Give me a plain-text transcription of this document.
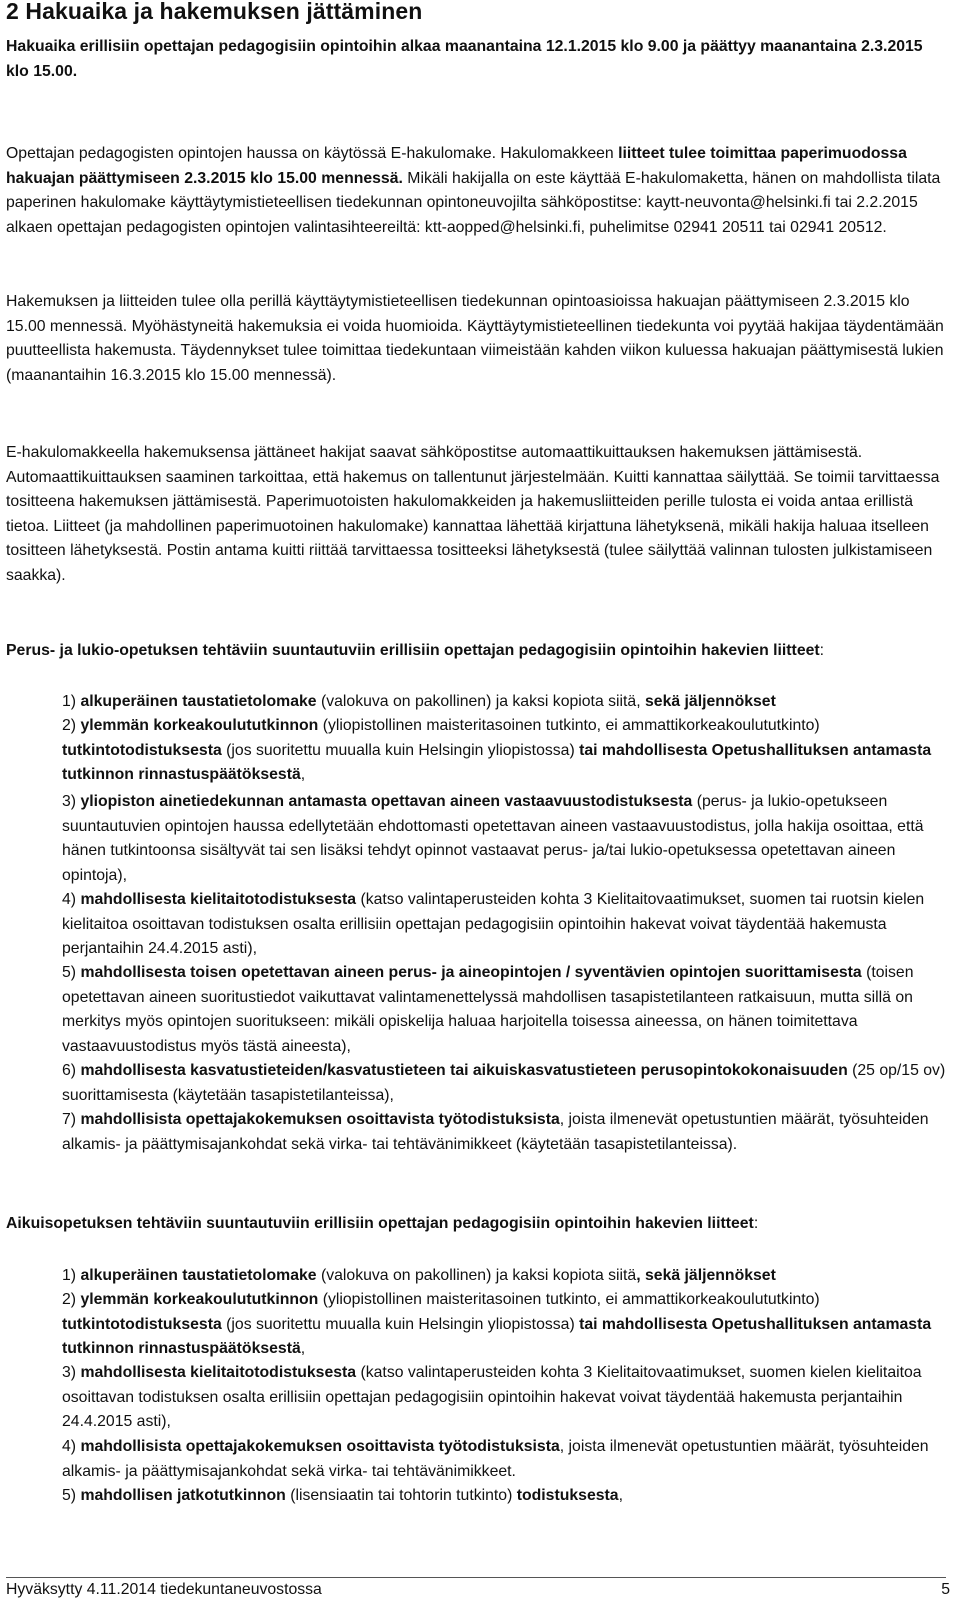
2 Hakuaika ja hakemuksen jättäminen

Hakuaika erillisiin opettajan pedagogisiin opintoihin alkaa maanantaina 12.1.2015 klo 9.00 ja päättyy maanantaina 2.3.2015 klo 15.00.

Opettajan pedagogisten opintojen haussa on käytössä E-hakulomake. Hakulomakkeen liitteet tulee toimittaa paperimuodossa hakuajan päättymiseen 2.3.2015 klo 15.00 mennessä. Mikäli hakijalla on este käyttää E-hakulomaketta, hänen on mahdollista tilata paperinen hakulomake käyttäytymistieteellisen tiedekunnan opintoneuvojilta sähköpostitse: kaytt-neuvonta@helsinki.fi tai 2.2.2015 alkaen opettajan pedagogisten opintojen valintasihteereiltä: ktt-aopped@helsinki.fi, puhelimitse 02941 20511 tai 02941 20512.

Hakemuksen ja liitteiden tulee olla perillä käyttäytymistieteellisen tiedekunnan opintoasioissa hakuajan päättymiseen 2.3.2015 klo 15.00 mennessä. Myöhästyneitä hakemuksia ei voida huomioida. Käyttäytymistieteellinen tiedekunta voi pyytää hakijaa täydentämään puutteellista hakemusta. Täydennykset tulee toimittaa tiedekuntaan viimeistään kahden viikon kuluessa hakuajan päättymisestä lukien (maanantaihin 16.3.2015 klo 15.00 mennessä).

E-hakulomakkeella hakemuksensa jättäneet hakijat saavat sähköpostitse automaattikuittauksen hakemuksen jättämisestä. Automaattikuittauksen saaminen tarkoittaa, että hakemus on tallentunut järjestelmään. Kuitti kannattaa säilyttää. Se toimii tarvittaessa tositteena hakemuksen jättämisestä. Paperimuotoisten hakulomakkeiden ja hakemusliitteiden perille tulosta ei voida antaa erillistä tietoa. Liitteet (ja mahdollinen paperimuotoinen hakulomake) kannattaa lähettää kirjattuna lähetyksenä, mikäli hakija haluaa itselleen tositteen lähetyksestä. Postin antama kuitti riittää tarvittaessa tositteeksi lähetyksestä (tulee säilyttää valinnan tulosten julkistamiseen saakka).

Perus- ja lukio-opetuksen tehtäviin suuntautuviin erillisiin opettajan pedagogisiin opintoihin hakevien liitteet:

1) alkuperäinen taustatietolomake (valokuva on pakollinen) ja kaksi kopiota siitä, sekä jäljennökset

2) ylemmän korkeakoulututkinnon (yliopistollinen maisteritasoinen tutkinto, ei ammattikorkeakoulututkinto) tutkintotodistuksesta (jos suoritettu muualla kuin Helsingin yliopistossa) tai mahdollisesta Opetushallituksen antamasta tutkinnon rinnastuspäätöksestä,

3) yliopiston ainetiedekunnan antamasta opettavan aineen vastaavuustodistuksesta (perus- ja lukio-opetukseen suuntautuvien opintojen haussa edellytetään ehdottomasti opetettavan aineen vastaavuustodistus, jolla hakija osoittaa, että hänen tutkintoonsa sisältyvät tai sen lisäksi tehdyt opinnot vastaavat perus- ja/tai lukio-opetuksessa opetettavan aineen opintoja),

4) mahdollisesta kielitaitotodistuksesta (katso valintaperusteiden kohta 3 Kielitaitovaatimukset, suomen tai ruotsin kielen kielitaitoa osoittavan todistuksen osalta erillisiin opettajan pedagogisiin opintoihin hakevat voivat täydentää hakemusta perjantaihin 24.4.2015 asti),

5) mahdollisesta toisen opetettavan aineen perus- ja aineopintojen / syventävien opintojen suorittamisesta (toisen opetettavan aineen suoritustiedot vaikuttavat valintamenettelyssä mahdollisen tasapistetilanteen ratkaisuun, mutta sillä on merkitys myös opintojen suoritukseen: mikäli opiskelija haluaa harjoitella toisessa aineessa, on hänen toimitettava vastaavuustodistus myös tästä aineesta),

6) mahdollisesta kasvatustieteiden/kasvatustieteen tai aikuiskasvatustieteen perusopintokokonaisuuden (25 op/15 ov) suorittamisesta (käytetään tasapistetilanteissa),

7) mahdollisista opettajakokemuksen osoittavista työtodistuksista, joista ilmenevät opetustuntien määrät, työsuhteiden alkamis- ja päättymisajankohdat sekä virka- tai tehtävänimikkeet (käytetään tasapistetilanteissa).

Aikuisopetuksen tehtäviin suuntautuviin erillisiin opettajan pedagogisiin opintoihin hakevien liitteet:

1) alkuperäinen taustatietolomake (valokuva on pakollinen) ja kaksi kopiota siitä, sekä jäljennökset

2) ylemmän korkeakoulututkinnon (yliopistollinen maisteritasoinen tutkinto, ei ammattikorkeakoulututkinto) tutkintotodistuksesta (jos suoritettu muualla kuin Helsingin yliopistossa) tai mahdollisesta Opetushallituksen antamasta tutkinnon rinnastuspäätöksestä,

3) mahdollisesta kielitaitotodistuksesta (katso valintaperusteiden kohta 3 Kielitaitovaatimukset, suomen kielen kielitaitoa osoittavan todistuksen osalta erillisiin opettajan pedagogisiin opintoihin hakevat voivat täydentää hakemusta perjantaihin 24.4.2015 asti),

4) mahdollisista opettajakokemuksen osoittavista työtodistuksista, joista ilmenevät opetustuntien määrät, työsuhteiden alkamis- ja päättymisajankohdat sekä virka- tai tehtävänimikkeet.

5) mahdollisen jatkotutkinnon (lisensiaatin tai tohtorin tutkinto) todistuksesta,

Hyväksytty 4.11.2014 tiedekuntaneuvostossa	5
